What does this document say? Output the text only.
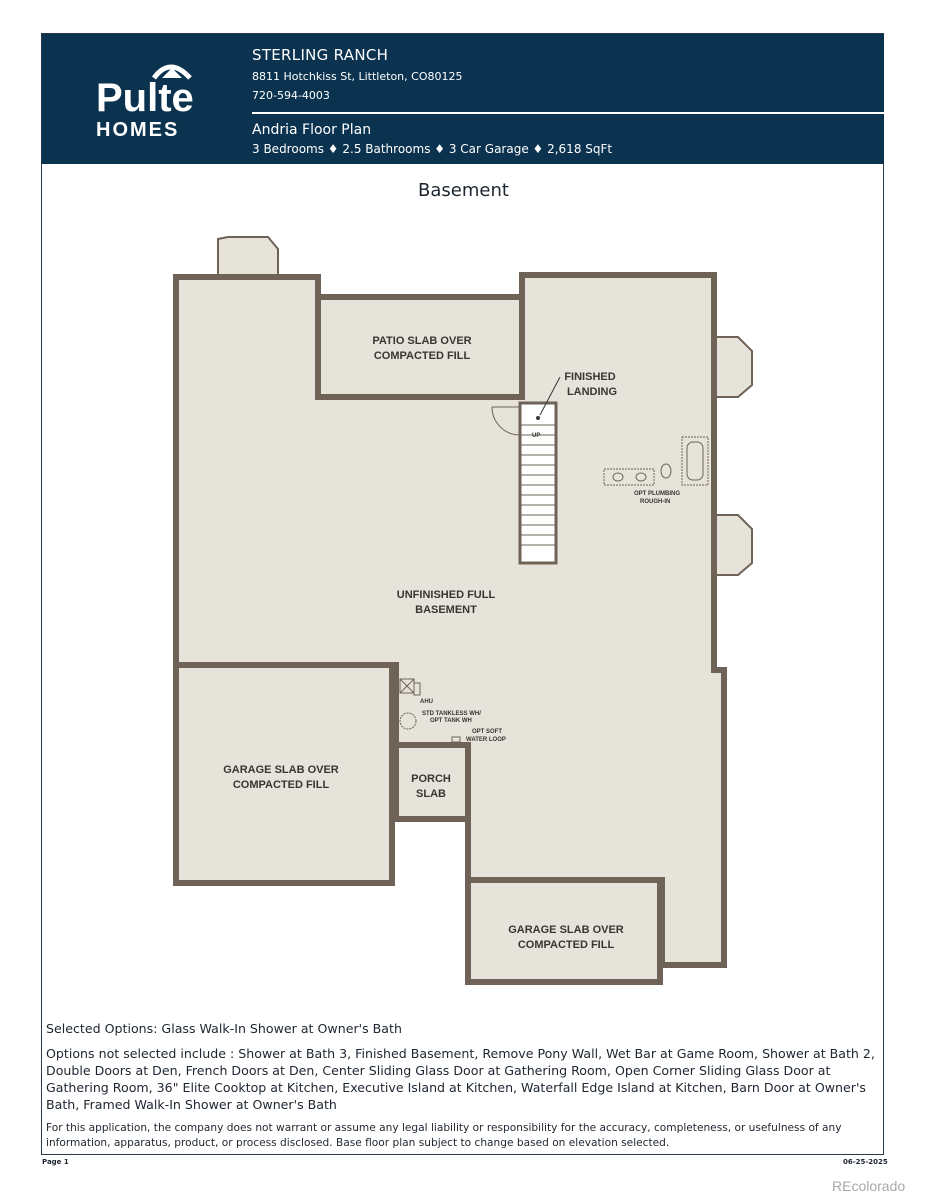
Pulte
HOMES
STERLING RANCH
8811 Hotchkiss St, Littleton, CO80125
720-594-4003
Andria Floor Plan
3 Bedrooms ♦ 2.5 Bathrooms ♦ 3 Car Garage ♦ 2,618 SqFt
Basement
UP
OPT PLUMBING
ROUGH-IN
AHU
STD TANKLESS WH/
OPT TANK WH
OPT SOFT
WATER LOOP
PATIO SLAB OVER
COMPACTED FILL
FINISHED
LANDING
UNFINISHED FULL
BASEMENT
GARAGE SLAB OVER
COMPACTED FILL	PORCH
SLAB
GARAGE SLAB OVER
COMPACTED FILL

Selected Options: Glass Walk-In Shower at Owner's Bath

Options not selected include : Shower at Bath 3, Finished Basement, Remove Pony Wall, Wet Bar at Game Room, Shower at Bath 2, Double Doors at Den, French Doors at Den, Center Sliding Glass Door at Gathering Room, Open Corner Sliding Glass Door at Gathering Room, 36" Elite Cooktop at Kitchen, Executive Island at Kitchen, Waterfall Edge Island at Kitchen, Barn Door at Owner's Bath, Framed Walk-In Shower at Owner's Bath

For this application, the company does not warrant or assume any legal liability or responsibility for the accuracy, completeness, or usefulness of any information, apparatus, product, or process disclosed. Base floor plan subject to change based on elevation selected.
Page 1	06-25-2025
REcolorado
